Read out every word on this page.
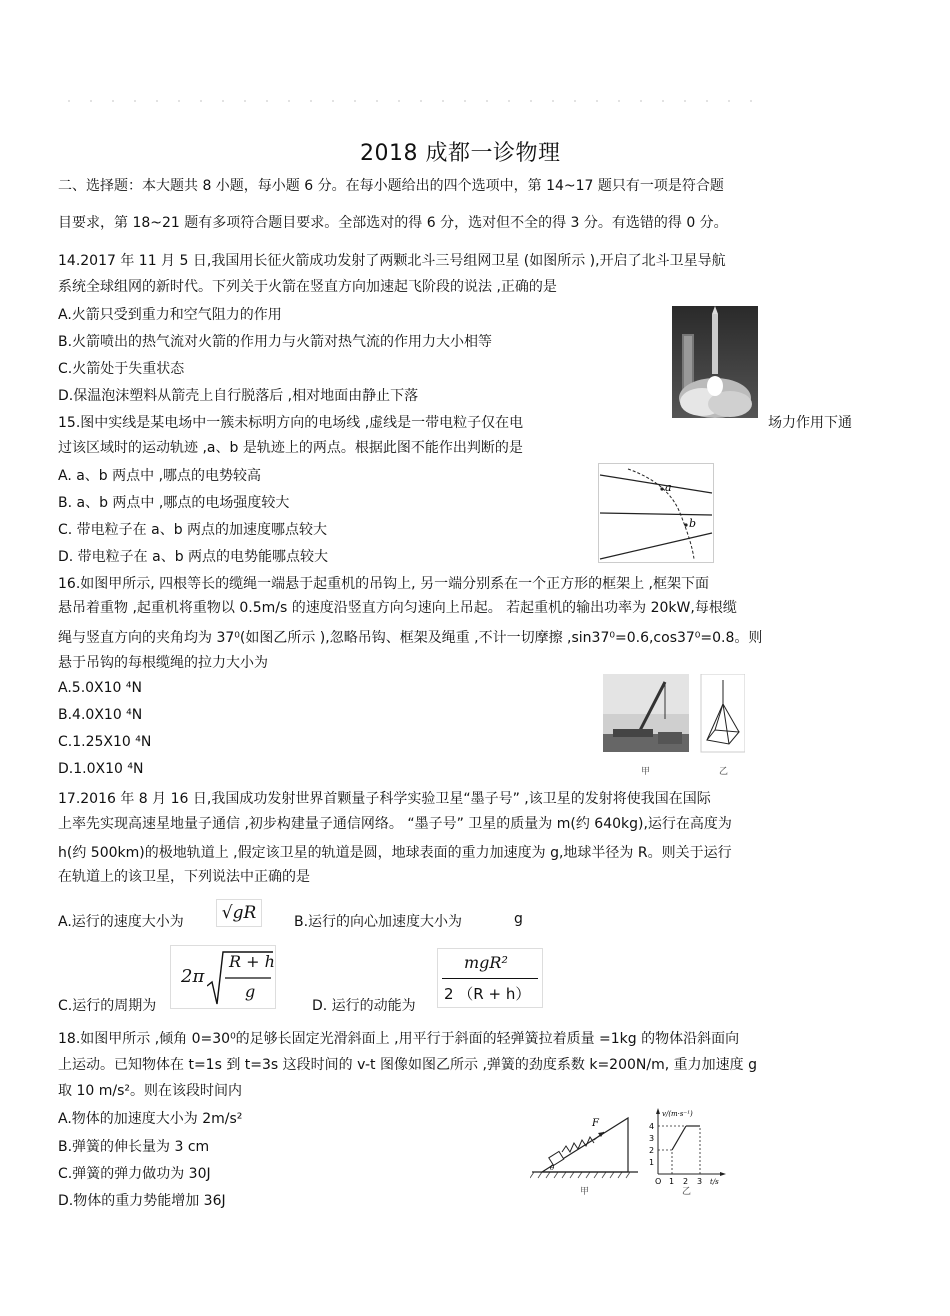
2018 成都一诊物理
二、选择题：本大题共 8 小题，每小题 6 分。在每小题给出的四个选项中，第 14~17 题只有一项是符合题
目要求，第 18~21 题有多项符合题目要求。全部选对的得 6 分，选对但不全的得 3 分。有选错的得 0 分。
14.2017 年 11 月 5 日,我国用长征火箭成功发射了两颗北斗三号组网卫星 (如图所示 ),开启了北斗卫星导航
系统全球组网的新时代。下列关于火箭在竖直方向加速起飞阶段的说法 ,正确的是
A.火箭只受到重力和空气阻力的作用
B.火箭喷出的热气流对火箭的作用力与火箭对热气流的作用力大小相等
C.火箭处于失重状态
D.保温泡沫塑料从箭壳上自行脱落后 ,相对地面由静止下落
15.图中实线是某电场中一簇未标明方向的电场线 ,虚线是一带电粒子仅在电	场力作用下通
过该区域时的运动轨迹 ,a、b 是轨迹上的两点。根据此图不能作出判断的是
A. a、b 两点中 ,哪点的电势较高
B. a、b 两点中 ,哪点的电场强度较大
C. 带电粒子在 a、b 两点的加速度哪点较大
D. 带电粒子在 a、b 两点的电势能哪点较大
a
b
16.如图甲所示, 四根等长的缆绳一端悬于起重机的吊钩上, 另一端分别系在一个正方形的框架上 ,框架下面
悬吊着重物 ,起重机将重物以 0.5m/s 的速度沿竖直方向匀速向上吊起。 若起重机的输出功率为 20kW,每根缆
绳与竖直方向的夹角均为 37⁰(如图乙所示 ),忽略吊钩、框架及绳重 ,不计一切摩擦 ,sin37⁰=0.6,cos37⁰=0.8。则
悬于吊钩的每根缆绳的拉力大小为
A.5.0X10 ⁴N
B.4.0X10 ⁴N
C.1.25X10 ⁴N
D.1.0X10 ⁴N	甲	乙
17.2016 年 8 月 16 日,我国成功发射世界首颗量子科学实验卫星“墨子号” ,该卫星的发射将使我国在国际
上率先实现高速星地量子通信 ,初步构建量子通信网络。 “墨子号” 卫星的质量为 m(约 640kg),运行在高度为
h(约 500km)的极地轨道上 ,假定该卫星的轨道是圆，地球表面的重力加速度为 g,地球半径为 R。则关于运行
在轨道上的该卫星，下列说法中正确的是
A.运行的速度大小为	√gR	B.运行的向心加速度大小为	g
C.运行的周期为
2π
R + h
g
D. 运行的动能为
mgR²
2 （R + h）
18.如图甲所示 ,倾角 0=30⁰的足够长固定光滑斜面上 ,用平行于斜面的轻弹簧拉着质量 =1kg 的物体沿斜面向
上运动。已知物体在 t=1s 到 t=3s 这段时间的 v-t 图像如图乙所示 ,弹簧的劲度系数 k=200N/m, 重力加速度 g
取 10 m/s²。则在该段时间内
A.物体的加速度大小为 2m/s²
B.弹簧的伸长量为 3 cm
C.弹簧的弹力做功为 30J
D.物体的重力势能增加 36J
F
θ
甲
v/(m·s⁻¹)
t/s
4
3
2
1
O 1 2 3
乙
